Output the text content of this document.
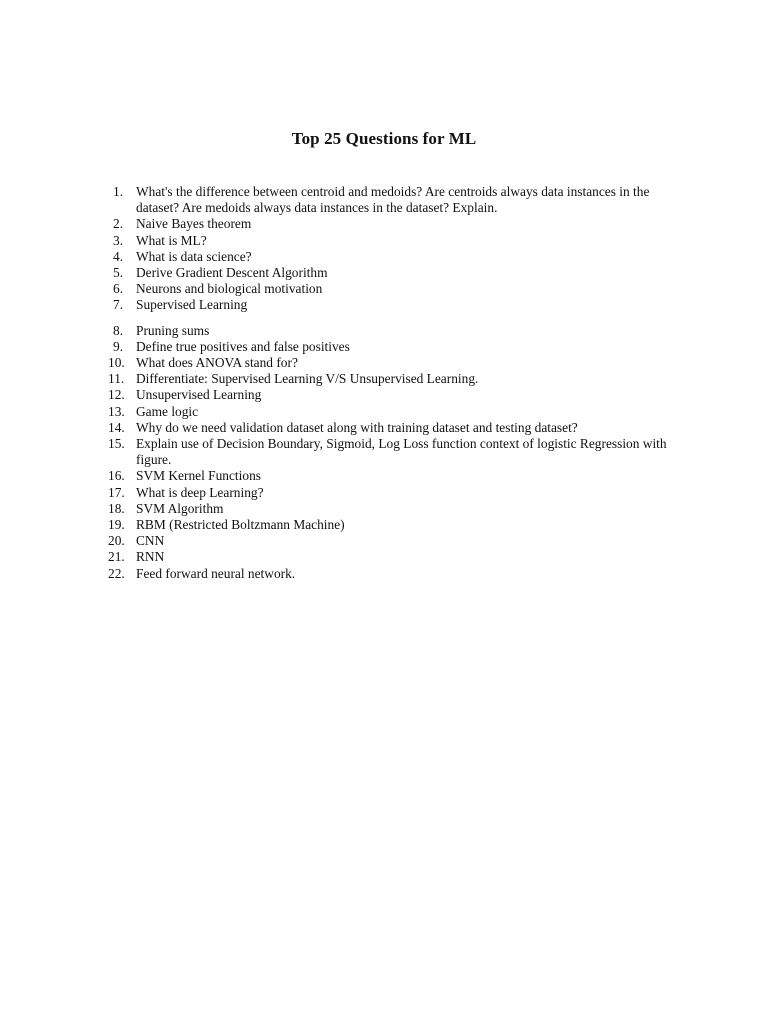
Top 25 Questions for ML
1. What's the difference between centroid and medoids? Are centroids always data instances in the dataset? Are medoids always data instances in the dataset? Explain.
2. Naive Bayes theorem
3. What is ML?
4. What is data science?
5. Derive Gradient Descent Algorithm
6. Neurons and biological motivation
7. Supervised Learning
8. Pruning sums
9. Define true positives and false positives
10. What does ANOVA stand for?
11. Differentiate: Supervised Learning V/S Unsupervised Learning.
12. Unsupervised Learning
13. Game logic
14. Why do we need validation dataset along with training dataset and testing dataset?
15. Explain use of Decision Boundary, Sigmoid, Log Loss function context of logistic Regression with figure.
16. SVM Kernel Functions
17. What is deep Learning?
18. SVM Algorithm
19. RBM (Restricted Boltzmann Machine)
20. CNN
21. RNN
22. Feed forward neural network.
